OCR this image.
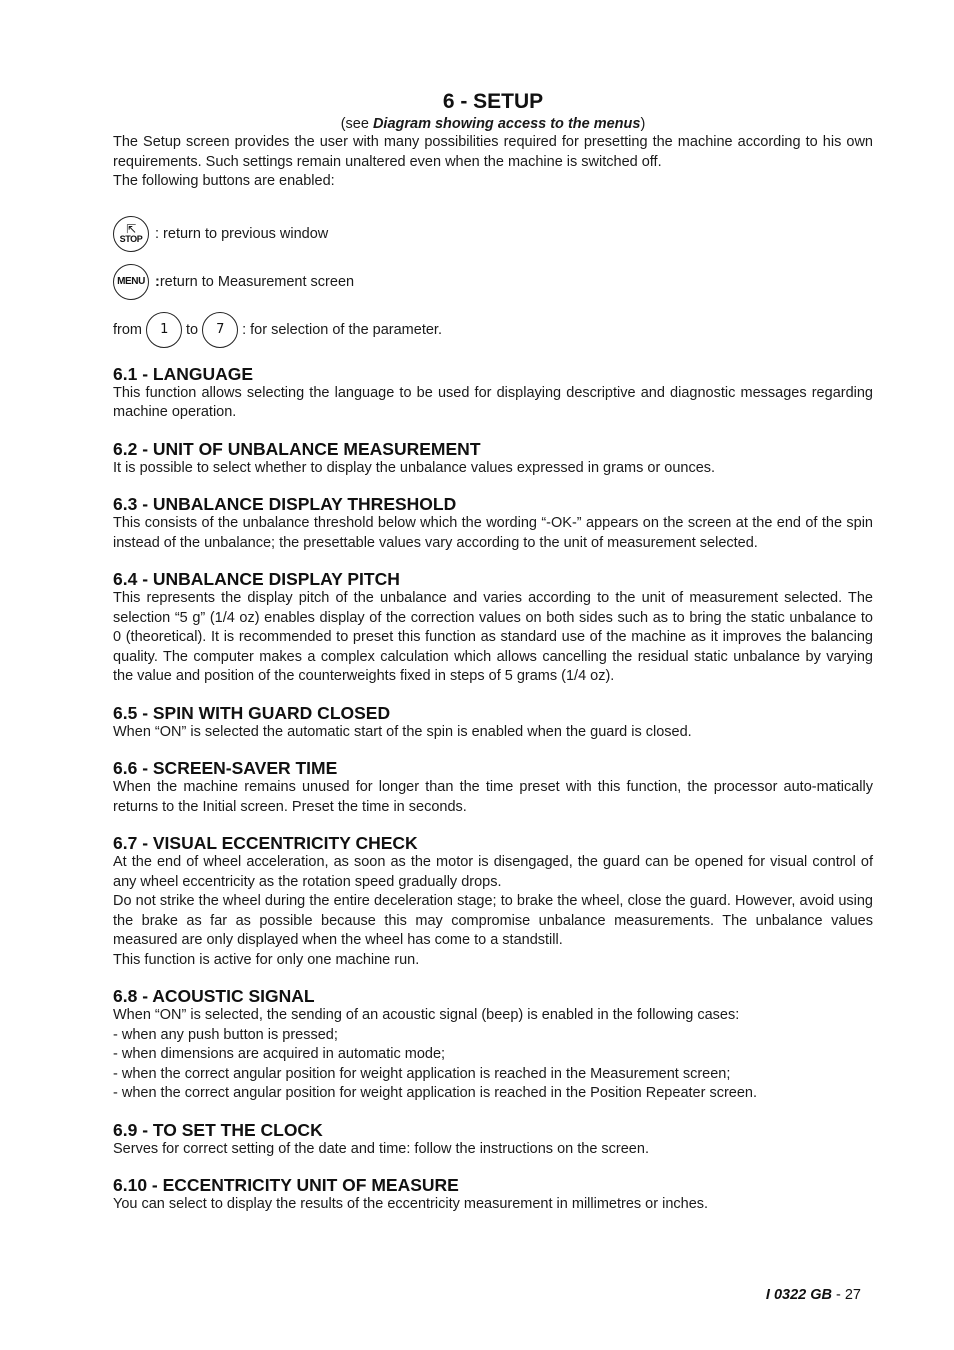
6 - SETUP

(see Diagram showing access to the menus)

The Setup screen provides the user with many possibilities required for presetting the machine according to his own requirements. Such settings remain unaltered even when the machine is switched off.

The following buttons are enabled:

⇱
STOP : return to previous window
MENU : return to Measurement screen
from	1	to	7	: for selection of the parameter.
6.1 - LANGUAGE

This function allows selecting the language to be used for displaying descriptive and diagnostic messages regarding machine operation.

6.2 - UNIT OF UNBALANCE MEASUREMENT

It is possible to select whether to display the unbalance values expressed in grams or ounces.

6.3 - UNBALANCE DISPLAY THRESHOLD

This consists of the unbalance threshold below which the wording “-OK-” appears on the screen at the end of the spin instead of the unbalance; the presettable values vary according to the unit of measurement selected.

6.4 - UNBALANCE DISPLAY PITCH

This represents the display pitch of the unbalance and varies according to the unit of measurement selected. The selection “5 g” (1/4 oz) enables display of the correction values on both sides such as to bring the static unbalance to 0 (theoretical). It is recommended to preset this function as standard use of the machine as it improves the balancing quality. The computer makes a complex calculation which allows cancelling the residual static unbalance by varying the value and position of the counterweights fixed in steps of 5 grams (1/4 oz).

6.5 - SPIN WITH GUARD CLOSED

When “ON” is selected the automatic start of the spin is enabled when the guard is closed.

6.6 - SCREEN-SAVER TIME

When the machine remains unused for longer than the time preset with this function, the processor auto-matically returns to the Initial screen. Preset the time in seconds.

6.7 - VISUAL ECCENTRICITY CHECK

At the end of wheel acceleration, as soon as the motor is disengaged, the guard can be opened for visual control of any wheel eccentricity as the rotation speed gradually drops.

Do not strike the wheel during the entire deceleration stage; to brake the wheel, close the guard. However, avoid using the brake as far as possible because this may compromise unbalance measurements. The unbalance values measured are only displayed when the wheel has come to a standstill.

This function is active for only one machine run.

6.8 - ACOUSTIC SIGNAL

When “ON” is selected, the sending of an acoustic signal (beep) is enabled in the following cases:

- when any push button is pressed;

- when dimensions are acquired in automatic mode;

- when the correct angular position for weight application is reached in the Measurement screen;

- when the correct angular position for weight application is reached in the Position Repeater screen.

6.9 - TO SET THE CLOCK

Serves for correct setting of the date and time: follow the instructions on the screen.

6.10 - ECCENTRICITY UNIT OF MEASURE

You can select to display the results of the eccentricity measurement in millimetres or inches.

I 0322 GB - 27
